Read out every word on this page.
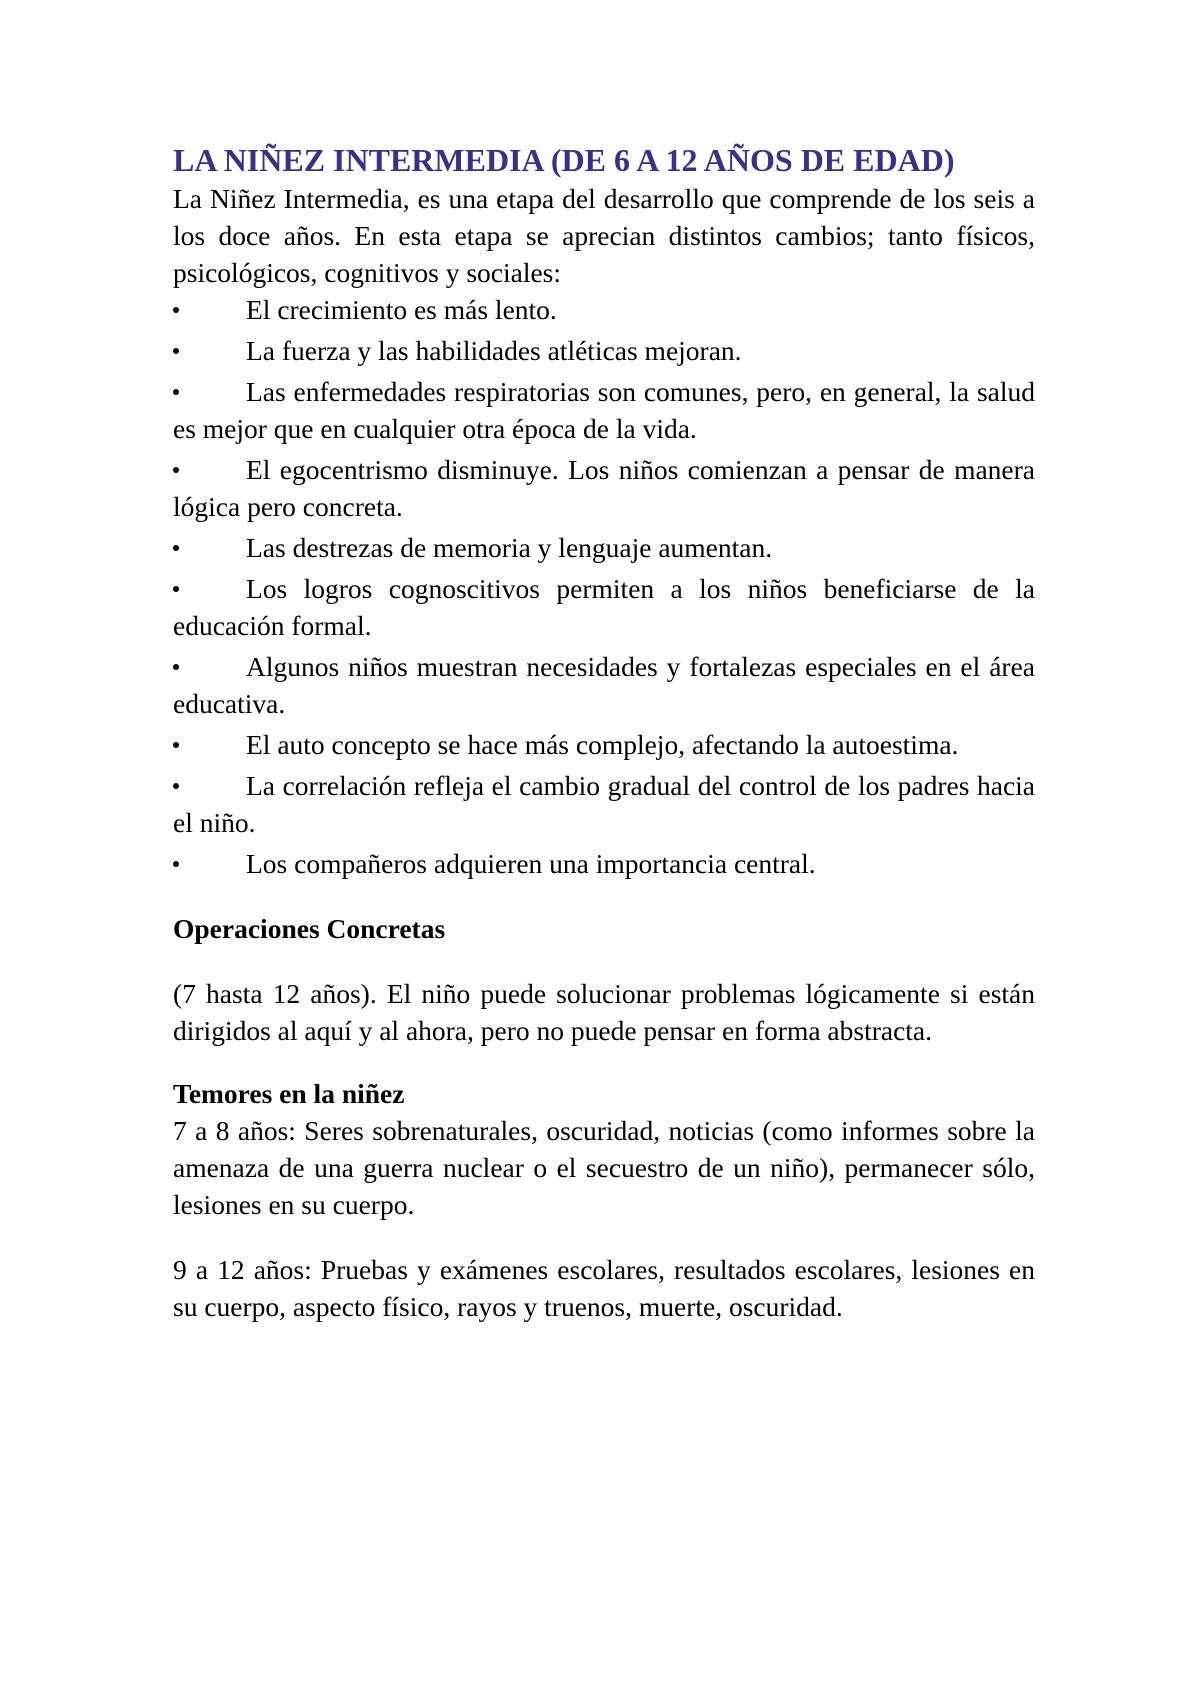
LA NIÑEZ INTERMEDIA (DE 6 A 12 AÑOS DE EDAD)

La Niñez Intermedia, es una etapa del desarrollo que comprende de los seis a los doce años. En esta etapa se aprecian distintos cambios; tanto físicos, psicológicos, cognitivos y sociales:

El crecimiento es más lento.
La fuerza y las habilidades atléticas mejoran.
Las enfermedades respiratorias son comunes, pero, en general, la salud es mejor que en cualquier otra época de la vida.
El egocentrismo disminuye. Los niños comienzan a pensar de manera lógica pero concreta.
Las destrezas de memoria y lenguaje aumentan.
Los logros cognoscitivos permiten a los niños beneficiarse de la educación formal.
Algunos niños muestran necesidades y fortalezas especiales en el área educativa.
El auto concepto se hace más complejo, afectando la autoestima.
La correlación refleja el cambio gradual del control de los padres hacia el niño.
Los compañeros adquieren una importancia central.

Operaciones Concretas

(7 hasta 12 años). El niño puede solucionar problemas lógicamente si están dirigidos al aquí y al ahora, pero no puede pensar en forma abstracta.

Temores en la niñez

7 a 8 años: Seres sobrenaturales, oscuridad, noticias (como informes sobre la amenaza de una guerra nuclear o el secuestro de un niño), permanecer sólo, lesiones en su cuerpo.

9 a 12 años: Pruebas y exámenes escolares, resultados escolares, lesiones en su cuerpo, aspecto físico, rayos y truenos, muerte, oscuridad.
